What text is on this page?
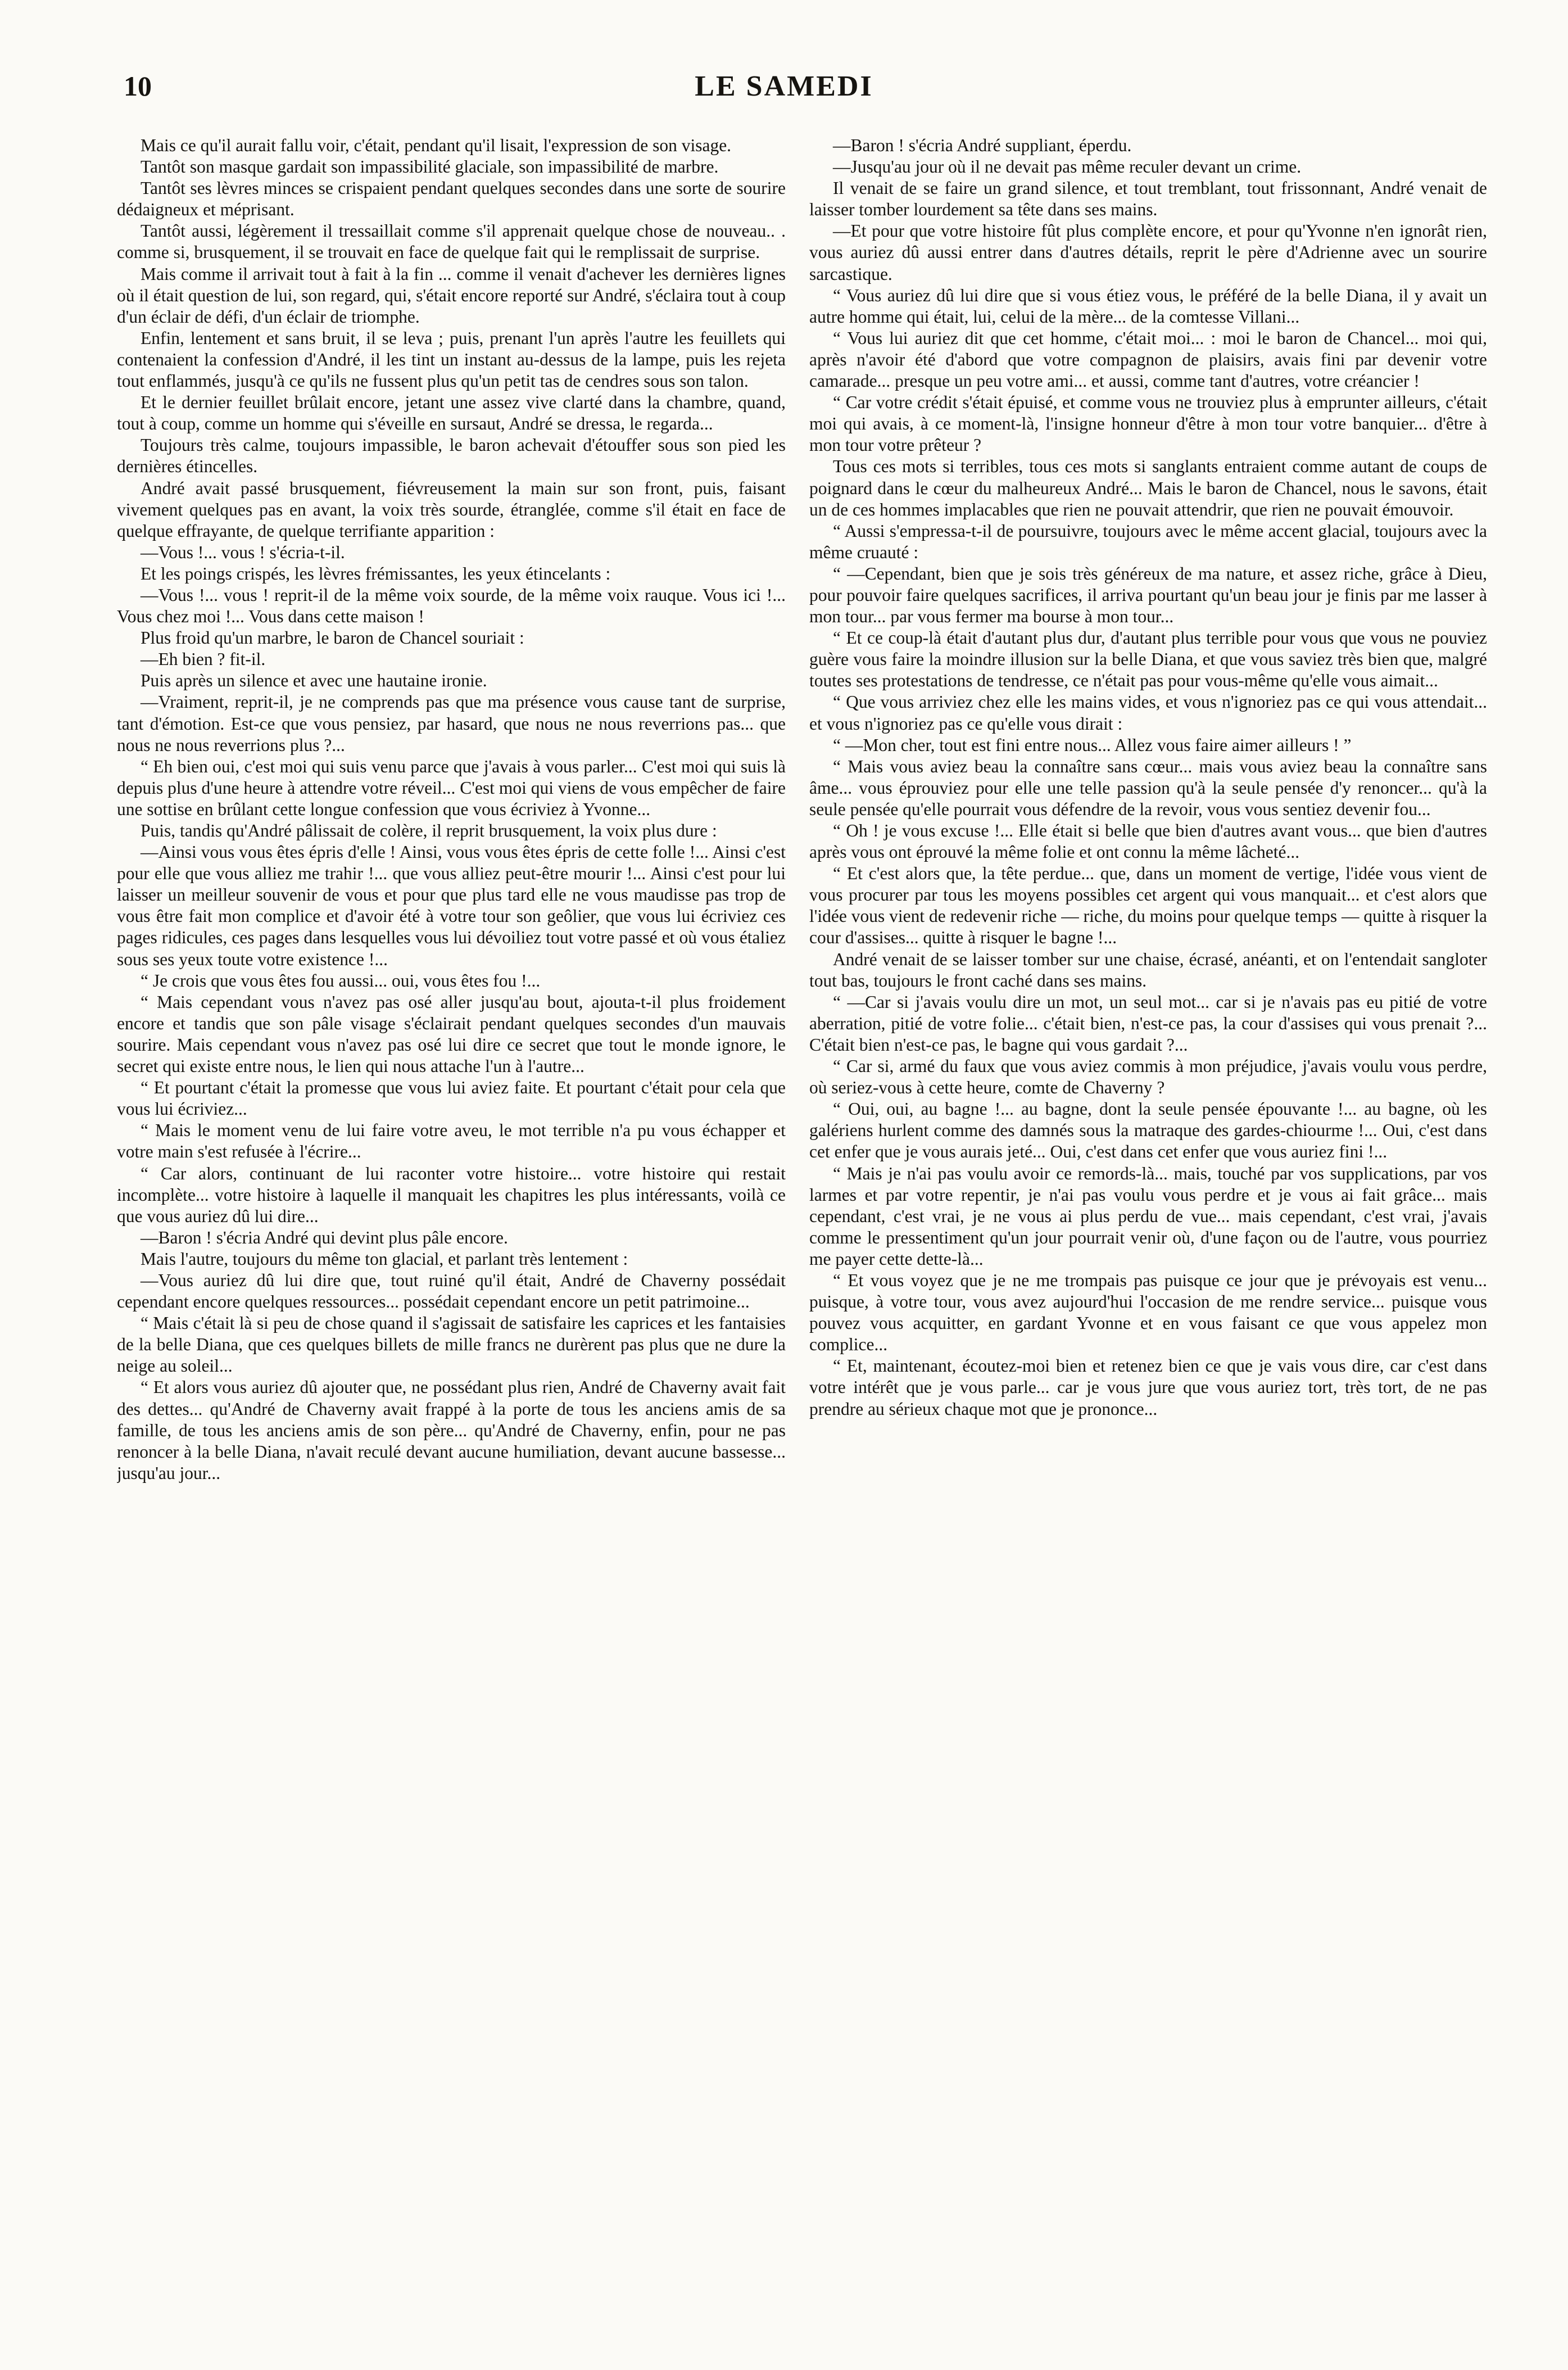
10	LE SAMEDI

Mais ce qu'il aurait fallu voir, c'était, pendant qu'il lisait, l'expression de son visage.

Tantôt son masque gardait son impassibilité glaciale, son impassibilité de marbre.

Tantôt ses lèvres minces se crispaient pendant quelques secondes dans une sorte de sourire dédaigneux et méprisant.

Tantôt aussi, légèrement il tressaillait comme s'il apprenait quelque chose de nouveau.. . comme si, brusquement, il se trouvait en face de quelque fait qui le remplissait de surprise.

Mais comme il arrivait tout à fait à la fin ... comme il venait d'achever les dernières lignes où il était question de lui, son regard, qui, s'était encore reporté sur André, s'éclaira tout à coup d'un éclair de défi, d'un éclair de triomphe.

Enfin, lentement et sans bruit, il se leva ; puis, prenant l'un après l'autre les feuillets qui contenaient la confession d'André, il les tint un instant au-dessus de la lampe, puis les rejeta tout enflammés, jusqu'à ce qu'ils ne fussent plus qu'un petit tas de cendres sous son talon.

Et le dernier feuillet brûlait encore, jetant une assez vive clarté dans la chambre, quand, tout à coup, comme un homme qui s'éveille en sursaut, André se dressa, le regarda...

Toujours très calme, toujours impassible, le baron achevait d'étouffer sous son pied les dernières étincelles.

André avait passé brusquement, fiévreusement la main sur son front, puis, faisant vivement quelques pas en avant, la voix très sourde, étranglée, comme s'il était en face de quelque effrayante, de quelque terrifiante apparition :

—Vous !... vous ! s'écria-t-il.

Et les poings crispés, les lèvres frémissantes, les yeux étincelants :

—Vous !... vous ! reprit-il de la même voix sourde, de la même voix rauque. Vous ici !... Vous chez moi !... Vous dans cette maison !

Plus froid qu'un marbre, le baron de Chancel souriait :

—Eh bien ? fit-il.

Puis après un silence et avec une hautaine ironie.

—Vraiment, reprit-il, je ne comprends pas que ma présence vous cause tant de surprise, tant d'émotion. Est-ce que vous pensiez, par hasard, que nous ne nous reverrions pas... que nous ne nous reverrions plus ?...

“ Eh bien oui, c'est moi qui suis venu parce que j'avais à vous parler... C'est moi qui suis là depuis plus d'une heure à attendre votre réveil... C'est moi qui viens de vous empêcher de faire une sottise en brûlant cette longue confession que vous écriviez à Yvonne...

Puis, tandis qu'André pâlissait de colère, il reprit brusquement, la voix plus dure :

—Ainsi vous vous êtes épris d'elle ! Ainsi, vous vous êtes épris de cette folle !... Ainsi c'est pour elle que vous alliez me trahir !... que vous alliez peut-être mourir !... Ainsi c'est pour lui laisser un meilleur souvenir de vous et pour que plus tard elle ne vous maudisse pas trop de vous être fait mon complice et d'avoir été à votre tour son geôlier, que vous lui écriviez ces pages ridicules, ces pages dans lesquelles vous lui dévoiliez tout votre passé et où vous étaliez sous ses yeux toute votre existence !...

“ Je crois que vous êtes fou aussi... oui, vous êtes fou !...

“ Mais cependant vous n'avez pas osé aller jusqu'au bout, ajouta-t-il plus froidement encore et tandis que son pâle visage s'éclairait pendant quelques secondes d'un mauvais sourire. Mais cependant vous n'avez pas osé lui dire ce secret que tout le monde ignore, le secret qui existe entre nous, le lien qui nous attache l'un à l'autre...

“ Et pourtant c'était la promesse que vous lui aviez faite. Et pourtant c'était pour cela que vous lui écriviez...

“ Mais le moment venu de lui faire votre aveu, le mot terrible n'a pu vous échapper et votre main s'est refusée à l'écrire...

“ Car alors, continuant de lui raconter votre histoire... votre histoire qui restait incomplète... votre histoire à laquelle il manquait les chapitres les plus intéressants, voilà ce que vous auriez dû lui dire...

—Baron ! s'écria André qui devint plus pâle encore.

Mais l'autre, toujours du même ton glacial, et parlant très lentement :

—Vous auriez dû lui dire que, tout ruiné qu'il était, André de Chaverny possédait cependant encore quelques ressources... possédait cependant encore un petit patrimoine...

“ Mais c'était là si peu de chose quand il s'agissait de satisfaire les caprices et les fantaisies de la belle Diana, que ces quelques billets de mille francs ne durèrent pas plus que ne dure la neige au soleil...

“ Et alors vous auriez dû ajouter que, ne possédant plus rien, André de Chaverny avait fait des dettes... qu'André de Chaverny avait frappé à la porte de tous les anciens amis de sa famille, de tous les anciens amis de son père... qu'André de Chaverny, enfin, pour ne pas renoncer à la belle Diana, n'avait reculé devant aucune humiliation, devant aucune bassesse... jusqu'au jour...

—Baron ! s'écria André suppliant, éperdu.

—Jusqu'au jour où il ne devait pas même reculer devant un crime.

Il venait de se faire un grand silence, et tout tremblant, tout frissonnant, André venait de laisser tomber lourdement sa tête dans ses mains.

—Et pour que votre histoire fût plus complète encore, et pour qu'Yvonne n'en ignorât rien, vous auriez dû aussi entrer dans d'autres détails, reprit le père d'Adrienne avec un sourire sarcastique.

“ Vous auriez dû lui dire que si vous étiez vous, le préféré de la belle Diana, il y avait un autre homme qui était, lui, celui de la mère... de la comtesse Villani...

“ Vous lui auriez dit que cet homme, c'était moi... : moi le baron de Chancel... moi qui, après n'avoir été d'abord que votre compagnon de plaisirs, avais fini par devenir votre camarade... presque un peu votre ami... et aussi, comme tant d'autres, votre créancier !

“ Car votre crédit s'était épuisé, et comme vous ne trouviez plus à emprunter ailleurs, c'était moi qui avais, à ce moment-là, l'insigne honneur d'être à mon tour votre banquier... d'être à mon tour votre prêteur ?

Tous ces mots si terribles, tous ces mots si sanglants entraient comme autant de coups de poignard dans le cœur du malheureux André... Mais le baron de Chancel, nous le savons, était un de ces hommes implacables que rien ne pouvait attendrir, que rien ne pouvait émouvoir.

“ Aussi s'empressa-t-il de poursuivre, toujours avec le même accent glacial, toujours avec la même cruauté :

“ —Cependant, bien que je sois très généreux de ma nature, et assez riche, grâce à Dieu, pour pouvoir faire quelques sacrifices, il arriva pourtant qu'un beau jour je finis par me lasser à mon tour... par vous fermer ma bourse à mon tour...

“ Et ce coup-là était d'autant plus dur, d'autant plus terrible pour vous que vous ne pouviez guère vous faire la moindre illusion sur la belle Diana, et que vous saviez très bien que, malgré toutes ses protestations de tendresse, ce n'était pas pour vous-même qu'elle vous aimait...

“ Que vous arriviez chez elle les mains vides, et vous n'ignoriez pas ce qui vous attendait... et vous n'ignoriez pas ce qu'elle vous dirait :

“ —Mon cher, tout est fini entre nous... Allez vous faire aimer ailleurs ! ”

“ Mais vous aviez beau la connaître sans cœur... mais vous aviez beau la connaître sans âme... vous éprouviez pour elle une telle passion qu'à la seule pensée d'y renoncer... qu'à la seule pensée qu'elle pourrait vous défendre de la revoir, vous vous sentiez devenir fou...

“ Oh ! je vous excuse !... Elle était si belle que bien d'autres avant vous... que bien d'autres après vous ont éprouvé la même folie et ont connu la même lâcheté...

“ Et c'est alors que, la tête perdue... que, dans un moment de vertige, l'idée vous vient de vous procurer par tous les moyens possibles cet argent qui vous manquait... et c'est alors que l'idée vous vient de redevenir riche — riche, du moins pour quelque temps — quitte à risquer la cour d'assises... quitte à risquer le bagne !...

André venait de se laisser tomber sur une chaise, écrasé, anéanti, et on l'entendait sangloter tout bas, toujours le front caché dans ses mains.

“ —Car si j'avais voulu dire un mot, un seul mot... car si je n'avais pas eu pitié de votre aberration, pitié de votre folie... c'était bien, n'est-ce pas, la cour d'assises qui vous prenait ?... C'était bien n'est-ce pas, le bagne qui vous gardait ?...

“ Car si, armé du faux que vous aviez commis à mon préjudice, j'avais voulu vous perdre, où seriez-vous à cette heure, comte de Chaverny ?

“ Oui, oui, au bagne !... au bagne, dont la seule pensée épouvante !... au bagne, où les galériens hurlent comme des damnés sous la matraque des gardes-chiourme !... Oui, c'est dans cet enfer que je vous aurais jeté... Oui, c'est dans cet enfer que vous auriez fini !...

“ Mais je n'ai pas voulu avoir ce remords-là... mais, touché par vos supplications, par vos larmes et par votre repentir, je n'ai pas voulu vous perdre et je vous ai fait grâce... mais cependant, c'est vrai, je ne vous ai plus perdu de vue... mais cependant, c'est vrai, j'avais comme le pressentiment qu'un jour pourrait venir où, d'une façon ou de l'autre, vous pourriez me payer cette dette-là...

“ Et vous voyez que je ne me trompais pas puisque ce jour que je prévoyais est venu... puisque, à votre tour, vous avez aujourd'hui l'occasion de me rendre service... puisque vous pouvez vous acquitter, en gardant Yvonne et en vous faisant ce que vous appelez mon complice...

“ Et, maintenant, écoutez-moi bien et retenez bien ce que je vais vous dire, car c'est dans votre intérêt que je vous parle... car je vous jure que vous auriez tort, très tort, de ne pas prendre au sérieux chaque mot que je prononce...
